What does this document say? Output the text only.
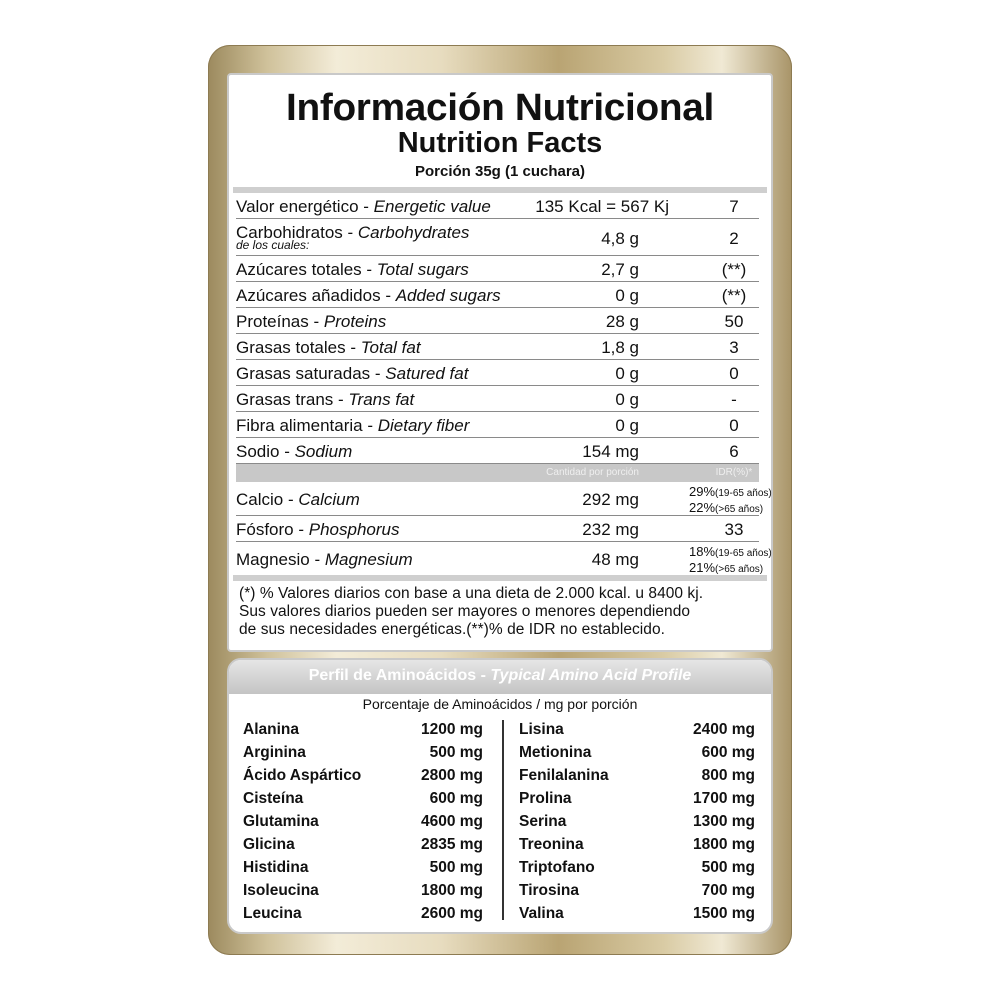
Información Nutricional
Nutrition Facts
Porción 35g (1 cuchara)
Valor energético - Energetic value	135 Kcal = 567 Kj	7
Carbohidratos - Carbohydrates
de los cuales:	4,8 g	2
Azúcares totales - Total sugars	2,7 g	(**)
Azúcares añadidos - Added sugars	0 g	(**)
Proteínas - Proteins	28 g	50
Grasas totales - Total fat	1,8 g	3
Grasas saturadas - Satured fat	0 g	0
Grasas trans - Trans fat	0 g	-
Fibra alimentaria - Dietary fiber	0 g	0
Sodio - Sodium	154 mg	6
Cantidad por porción	IDR(%)*
Calcio - Calcium	292 mg	29%(19-65 años)
22%(>65 años)
Fósforo - Phosphorus	232 mg	33
Magnesio - Magnesium	48 mg	18%(19-65 años)
21%(>65 años)
(*) % Valores diarios con base a una dieta de 2.000 kcal. u 8400 kj.
Sus valores diarios pueden ser mayores o menores dependiendo
de sus necesidades energéticas.(**)% de IDR no establecido.
Perfil de Aminoácidos - Typical Amino Acid Profile
Porcentaje de Aminoácidos / mg por porción
Alanina	1200 mg
Arginina	500 mg
Ácido Aspártico	2800 mg
Cisteína	600 mg
Glutamina	4600 mg
Glicina	2835 mg
Histidina	500 mg
Isoleucina	1800 mg
Leucina	2600 mg
Lisina	2400 mg
Metionina	600 mg
Fenilalanina	800 mg
Prolina	1700 mg
Serina	1300 mg
Treonina	1800 mg
Triptofano	500 mg
Tirosina	700 mg
Valina	1500 mg
